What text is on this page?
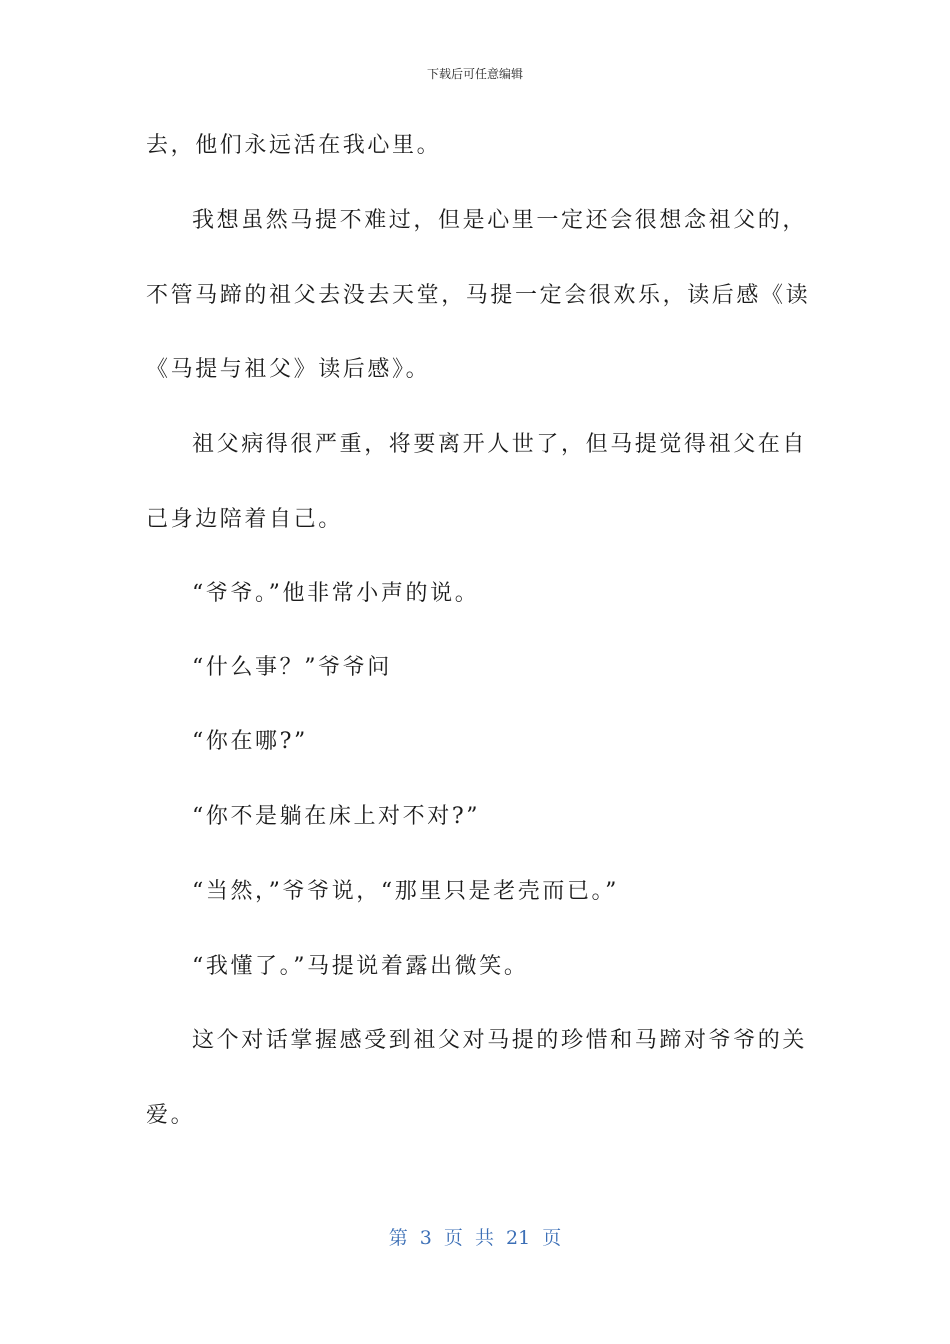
下载后可任意编辑
去，他们永远活在我心里。
我想虽然马提不难过，但是心里一定还会很想念祖父的，
不管马蹄的祖父去没去天堂，马提一定会很欢乐，读后感《读
《马提与祖父》读后感》。
祖父病得很严重，将要离开人世了，但马提觉得祖父在自
己身边陪着自己。
“爷爷。”他非常小声的说。
“什么事？”爷爷问
“你在哪?”
“你不是躺在床上对不对?”
“当然，”爷爷说，“那里只是老壳而已。”
“我懂了。”马提说着露出微笑。
这个对话掌握感受到祖父对马提的珍惜和马蹄对爷爷的关
爱。
第 3 页 共 21 页
